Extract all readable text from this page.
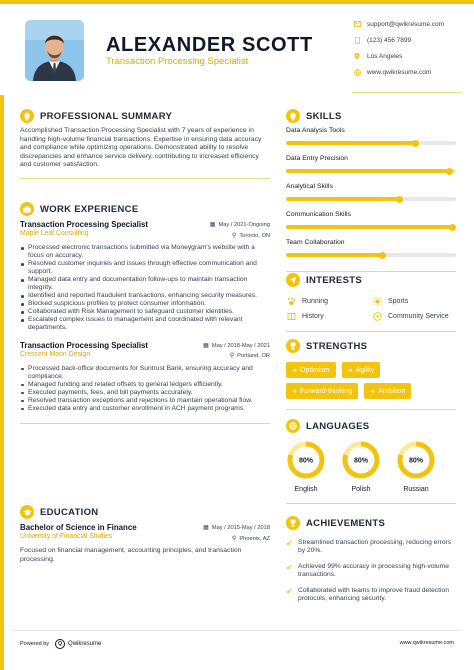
ALEXANDER SCOTT
Transaction Processing Specialist
support@qwikresume.com
(123) 456 7899
Los Angeles
www.qwikresume.com
PROFESSIONAL SUMMARY
Accomplished Transaction Processing Specialist with 7 years of experience in handling high-volume financial transactions. Expertise in ensuring data accuracy and compliance while optimizing operations. Demonstrated ability to resolve discrepancies and enhance service delivery, contributing to increased efficiency and customer satisfaction.
WORK EXPERIENCE
Transaction Processing Specialist
Maple Leaf Consulting
▦ May / 2021-Ongoing
⚲ Toronto, ON
Processed electronic transactions submitted via Moneygram's website with a focus on accuracy.
Resolved customer inquiries and issues through effective communication and support.
Managed data entry and documentation follow-ups to maintain transaction integrity.
Identified and reported fraudulent transactions, enhancing security measures.
Blocked suspicious profiles to protect consumer information.
Collaborated with Risk Management to safeguard customer identities.
Escalated complex issues to management and coordinated with relevant departments.
Transaction Processing Specialist
Crescent Moon Design
▦ May / 2018-May / 2021
⚲ Portland, OR
Processed back-office documents for Suntrust Bank, ensuring accuracy and compliance.
Managed funding and related offsets to general ledgers efficiently.
Executed payments, fees, and bill payments accurately.
Resolved transaction exceptions and rejections to maintain operational flow.
Executed data entry and customer enrollment in ACH payment programs.
EDUCATION
Bachelor of Science in Finance
University of Financial Studies
▦ May / 2015-May / 2018
⚲ Phoenix, AZ
Focused on financial management, accounting principles, and transaction processing.
SKILLS
Data Analysis Tools
Data Entry Precision
Analytical Skills
Communication Skills
Team Collaboration
INTERESTS
Running	Sports
History	Community Service
STRENGTHS
➜ Optimism	➜ Agility
➜ Forward-thinking	➜ Ambition
LANGUAGES
80%
English
80%
Polish
80%
Russian
ACHIEVEMENTS
✔ Streamlined transaction processing, reducing errors by 20%.
✔ Achieved 99% accuracy in processing high-volume transactions.
✔ Collaborated with teams to improve fraud detection protocols, enhancing security.
Powered by	Q	Qwikresume	www.qwikresume.com
